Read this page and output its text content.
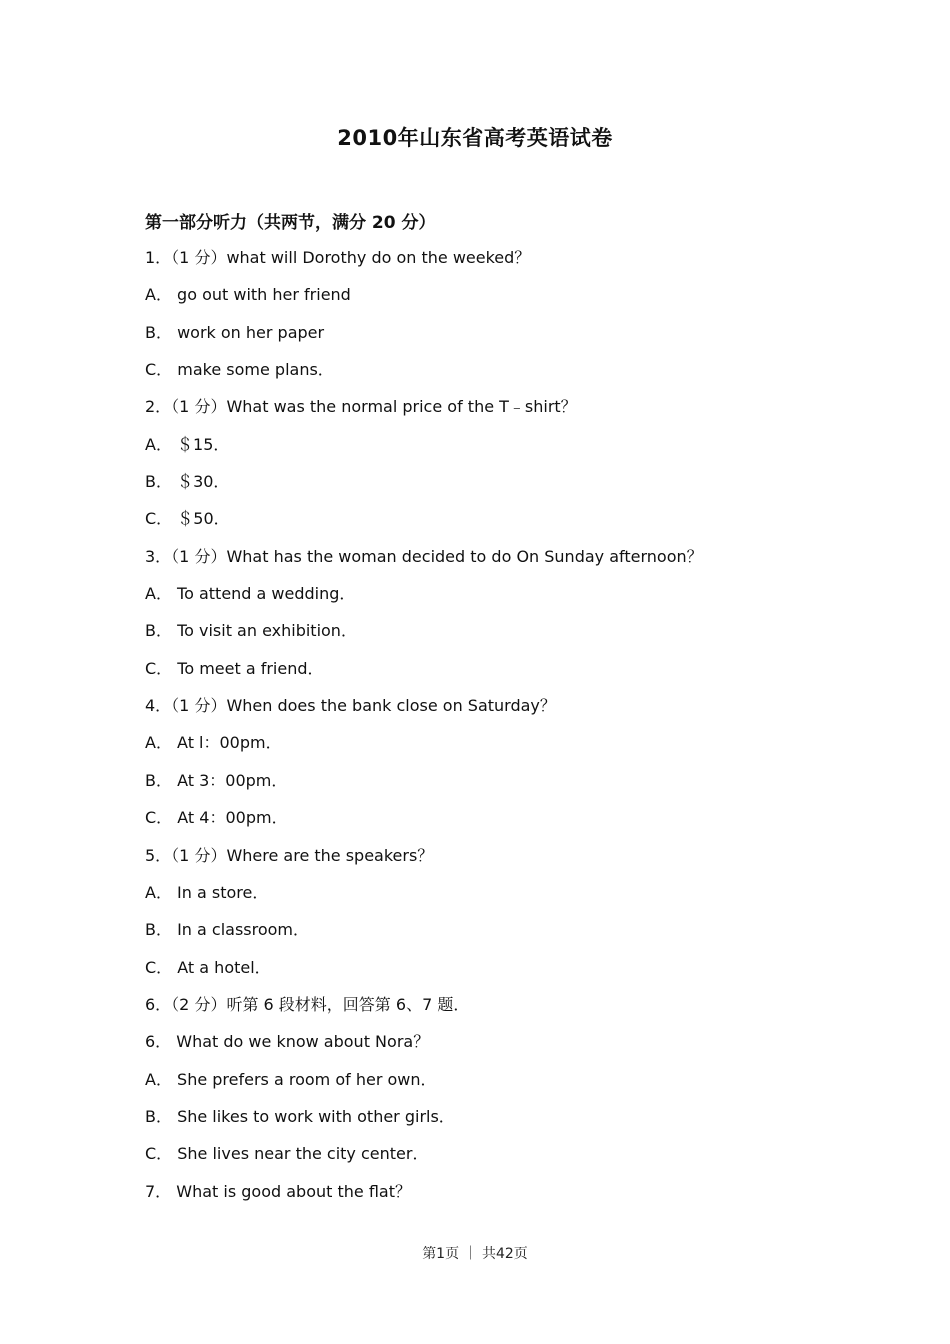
2010年山东省高考英语试卷
第一部分听力（共两节，满分 20 分）
1．（1 分）what will Dorothy do on the weeked？
A． go out with her friend
B． work on her paper
C． make some plans．
2．（1 分）What was the normal price of the T﹣shirt？
A． ＄15．
B． ＄30．
C． ＄50．
3．（1 分）What has the woman decided to do On Sunday afternoon？
A． To attend a wedding．
B． To visit an exhibition．
C． To meet a friend．
4．（1 分）When does the bank close on Saturday？
A． At l：00pm．
B． At 3：00pm．
C． At 4：00pm．
5．（1 分）Where are the speakers？
A． In a store．
B． In a classroom．
C． At a hotel．
6．（2 分）听第 6 段材料，回答第 6、7 题．
6． What do we know about Nora？
A． She prefers a room of her own．
B． She likes to work with other girls．
C． She lives near the city center．
7． What is good about the flat？
第1页 ｜ 共42页
